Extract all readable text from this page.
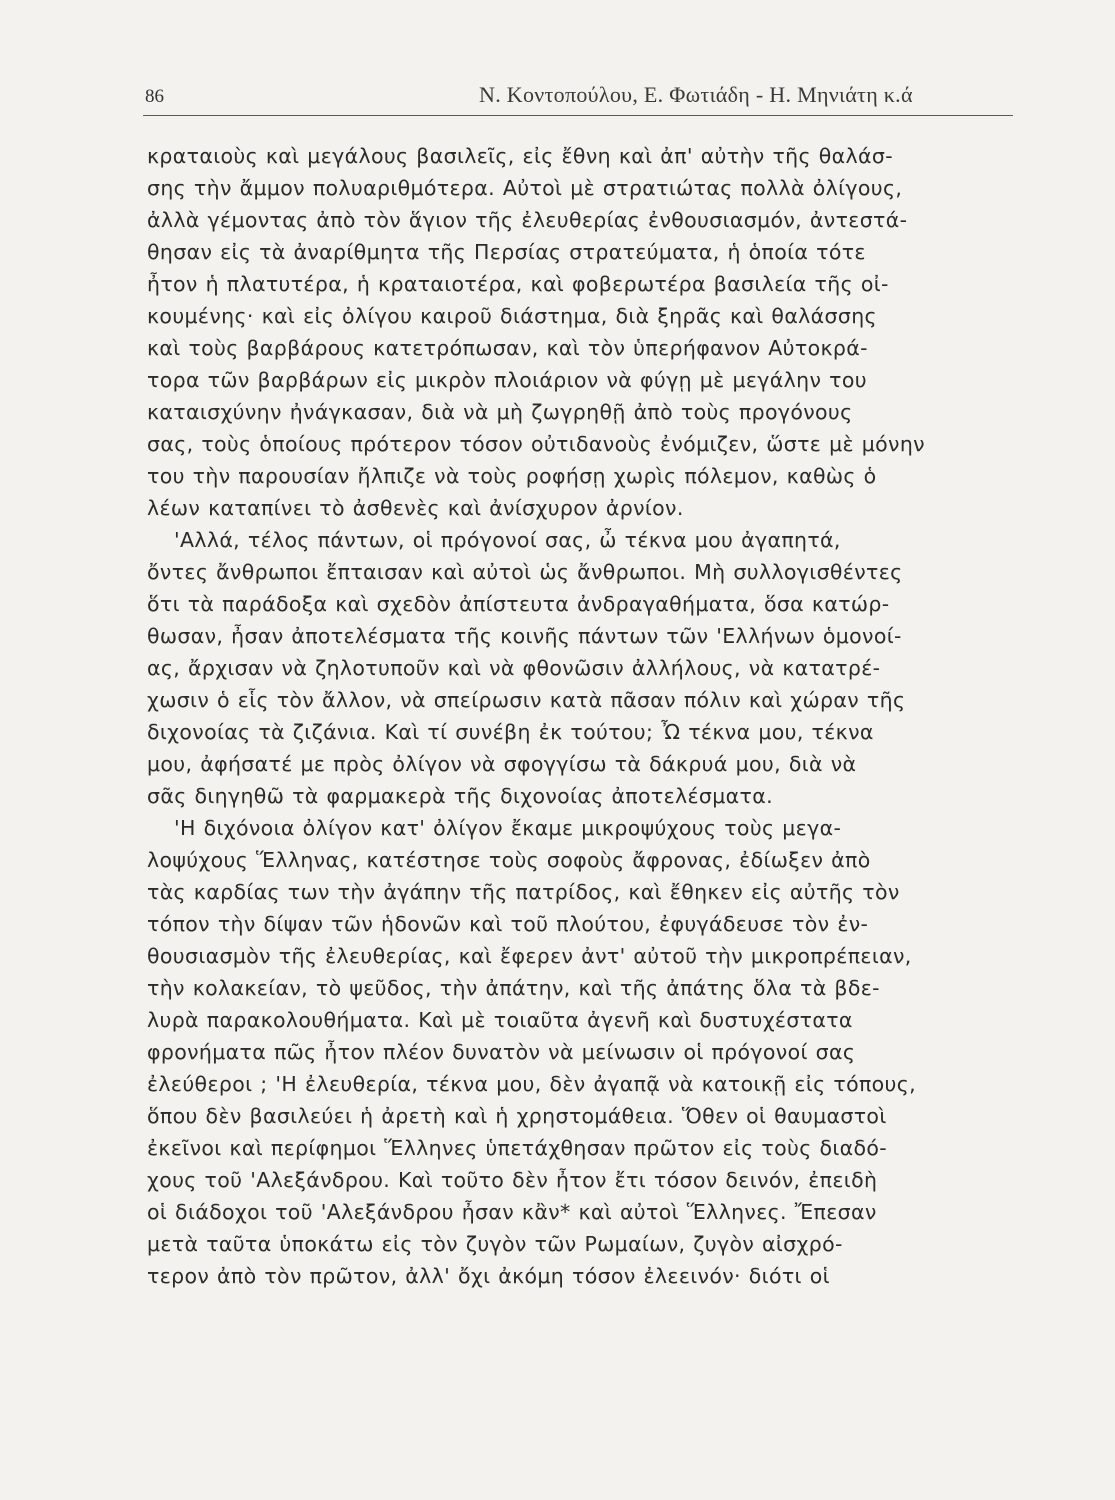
86	N. Κοντοπούλου, Ε. Φωτιάδη - Η. Μηνιάτη κ.ά
κραταιοὺς καὶ μεγάλους βασιλεῖς, εἰς ἔθνη καὶ ἀπ' αὐτὴν τῆς θαλάσ-
σης τὴν ἄμμον πολυαριθμότερα. Αὐτοὶ μὲ στρατιώτας πολλὰ ὀλίγους,
ἀλλὰ γέμοντας ἀπὸ τὸν ἅγιον τῆς ἐλευθερίας ἐνθουσιασμόν, ἀντεστά-
θησαν εἰς τὰ ἀναρίθμητα τῆς Περσίας στρατεύματα, ἡ ὁποία τότε
ἦτον ἡ πλατυτέρα, ἡ κραταιοτέρα, καὶ φοβερωτέρα βασιλεία τῆς οἰ-
κουμένης· καὶ εἰς ὀλίγου καιροῦ διάστημα, διὰ ξηρᾶς καὶ θαλάσσης
καὶ τοὺς βαρβάρους κατετρόπωσαν, καὶ τὸν ὑπερήφανον Αὐτοκρά-
τορα τῶν βαρβάρων εἰς μικρὸν πλοιάριον νὰ φύγῃ μὲ μεγάλην του
καταισχύνην ἠνάγκασαν, διὰ νὰ μὴ ζωγρηθῇ ἀπὸ τοὺς προγόνους
σας, τοὺς ὁποίους πρότερον τόσον οὐτιδανοὺς ἐνόμιζεν, ὥστε μὲ μόνην
του τὴν παρουσίαν ἤλπιζε νὰ τοὺς ροφήσῃ χωρὶς πόλεμον, καθὼς ὁ
λέων καταπίνει τὸ ἀσθενὲς καὶ ἀνίσχυρον ἀρνίον.
'Αλλά, τέλος πάντων, οἱ πρόγονοί σας, ὦ τέκνα μου ἀγαπητά,
ὄντες ἄνθρωποι ἔπταισαν καὶ αὐτοὶ ὡς ἄνθρωποι. Μὴ συλλογισθέντες
ὅτι τὰ παράδοξα καὶ σχεδὸν ἀπίστευτα ἀνδραγαθήματα, ὅσα κατώρ-
θωσαν, ἦσαν ἀποτελέσματα τῆς κοινῆς πάντων τῶν 'Ελλήνων ὁμονοί-
ας, ἄρχισαν νὰ ζηλοτυποῦν καὶ νὰ φθονῶσιν ἀλλήλους, νὰ κατατρέ-
χωσιν ὁ εἷς τὸν ἄλλον, νὰ σπείρωσιν κατὰ πᾶσαν πόλιν καὶ χώραν τῆς
διχονοίας τὰ ζιζάνια. Καὶ τί συνέβη ἐκ τούτου; Ὦ τέκνα μου, τέκνα
μου, ἀφήσατέ με πρὸς ὀλίγον νὰ σφογγίσω τὰ δάκρυά μου, διὰ νὰ
σᾶς διηγηθῶ τὰ φαρμακερὰ τῆς διχονοίας ἀποτελέσματα.
'Η διχόνοια ὀλίγον κατ' ὀλίγον ἔκαμε μικροψύχους τοὺς μεγα-
λοψύχους Ἕλληνας, κατέστησε τοὺς σοφοὺς ἄφρονας, ἐδίωξεν ἀπὸ
τὰς καρδίας των τὴν ἀγάπην τῆς πατρίδος, καὶ ἔθηκεν εἰς αὐτῆς τὸν
τόπον τὴν δίψαν τῶν ἡδονῶν καὶ τοῦ πλούτου, ἐφυγάδευσε τὸν ἐν-
θουσιασμὸν τῆς ἐλευθερίας, καὶ ἔφερεν ἀντ' αὐτοῦ τὴν μικροπρέπειαν,
τὴν κολακείαν, τὸ ψεῦδος, τὴν ἀπάτην, καὶ τῆς ἀπάτης ὅλα τὰ βδε-
λυρὰ παρακολουθήματα. Καὶ μὲ τοιαῦτα ἀγενῆ καὶ δυστυχέστατα
φρονήματα πῶς ἦτον πλέον δυνατὸν νὰ μείνωσιν οἱ πρόγονοί σας
ἐλεύθεροι ; 'Η ἐλευθερία, τέκνα μου, δὲν ἀγαπᾷ νὰ κατοικῇ εἰς τόπους,
ὅπου δὲν βασιλεύει ἡ ἀρετὴ καὶ ἡ χρηστομάθεια. Ὅθεν οἱ θαυμαστοὶ
ἐκεῖνοι καὶ περίφημοι Ἕλληνες ὑπετάχθησαν πρῶτον εἰς τοὺς διαδό-
χους τοῦ 'Αλεξάνδρου. Καὶ τοῦτο δὲν ἦτον ἔτι τόσον δεινόν, ἐπειδὴ
οἱ διάδοχοι τοῦ 'Αλεξάνδρου ἦσαν κἂν* καὶ αὐτοὶ Ἕλληνες. Ἔπεσαν
μετὰ ταῦτα ὑποκάτω εἰς τὸν ζυγὸν τῶν Ρωμαίων, ζυγὸν αἰσχρό-
τερον ἀπὸ τὸν πρῶτον, ἀλλ' ὄχι ἀκόμη τόσον ἐλεεινόν· διότι οἱ
